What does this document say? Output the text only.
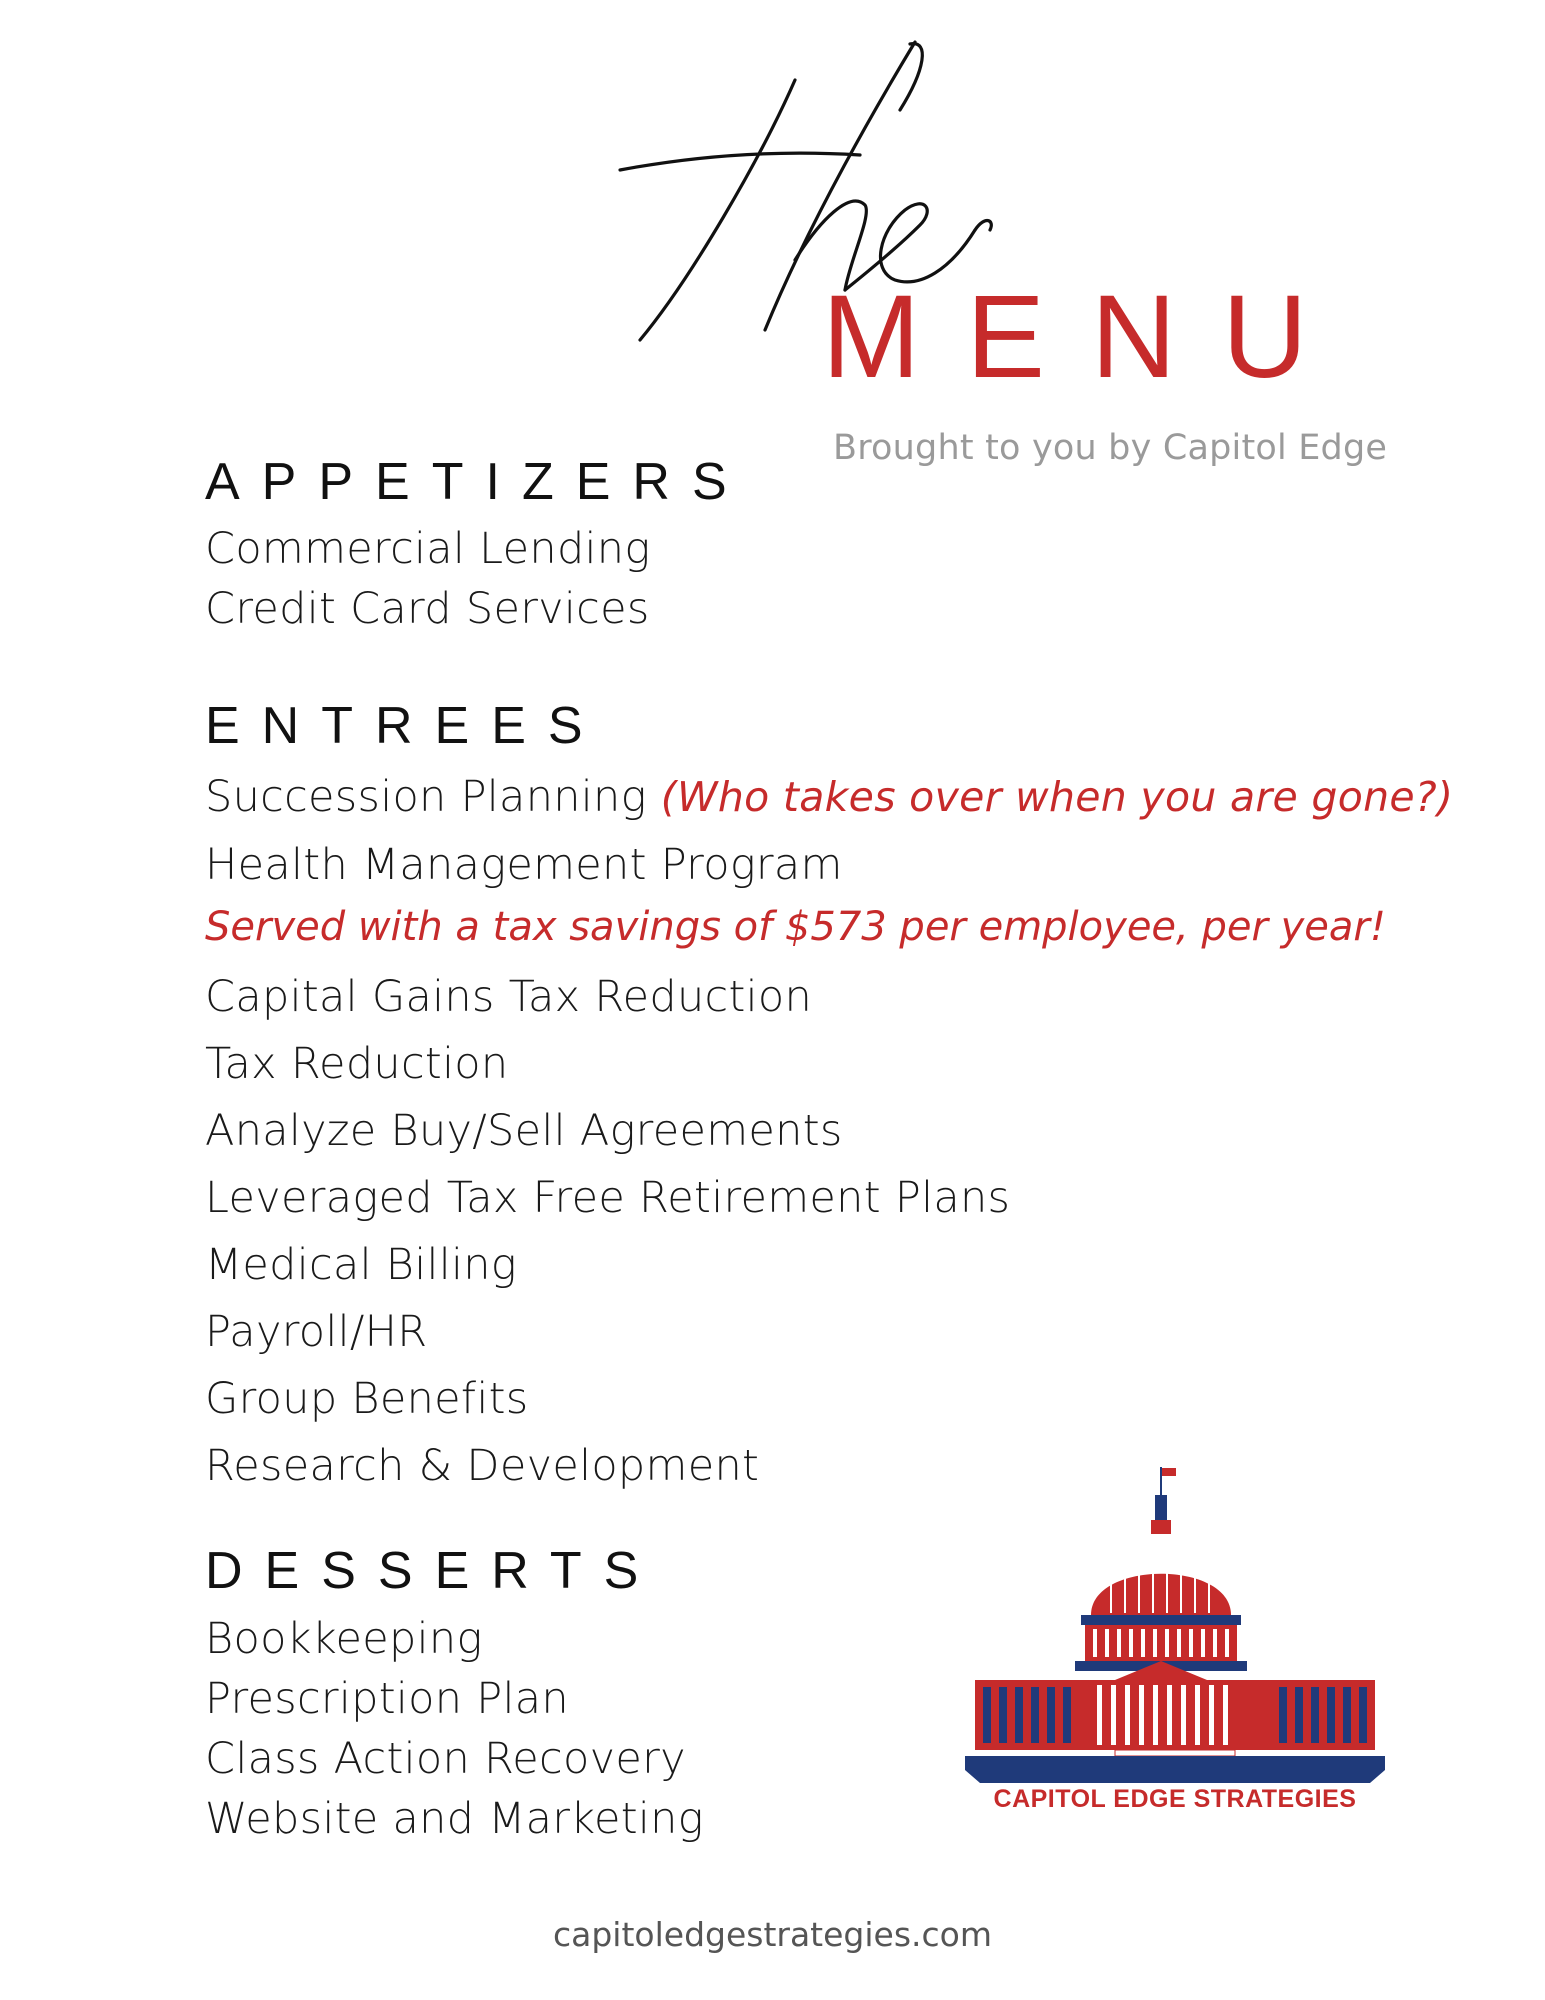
MENU
Brought to you by Capitol Edge
APPETIZERS
Commercial Lending
Credit Card Services
ENTREES
Succession Planning (Who takes over when you are gone?)
Health Management Program
Served with a tax savings of $573 per employee, per year!
Capital Gains Tax Reduction
Tax Reduction
Analyze Buy/Sell Agreements
Leveraged Tax Free Retirement Plans
Medical Billing
Payroll/HR
Group Benefits
Research & Development
DESSERTS
Bookkeeping
Prescription Plan
Class Action Recovery
Website and Marketing	CAPITOL EDGE STRATEGIES
capitoledgestrategies.com
